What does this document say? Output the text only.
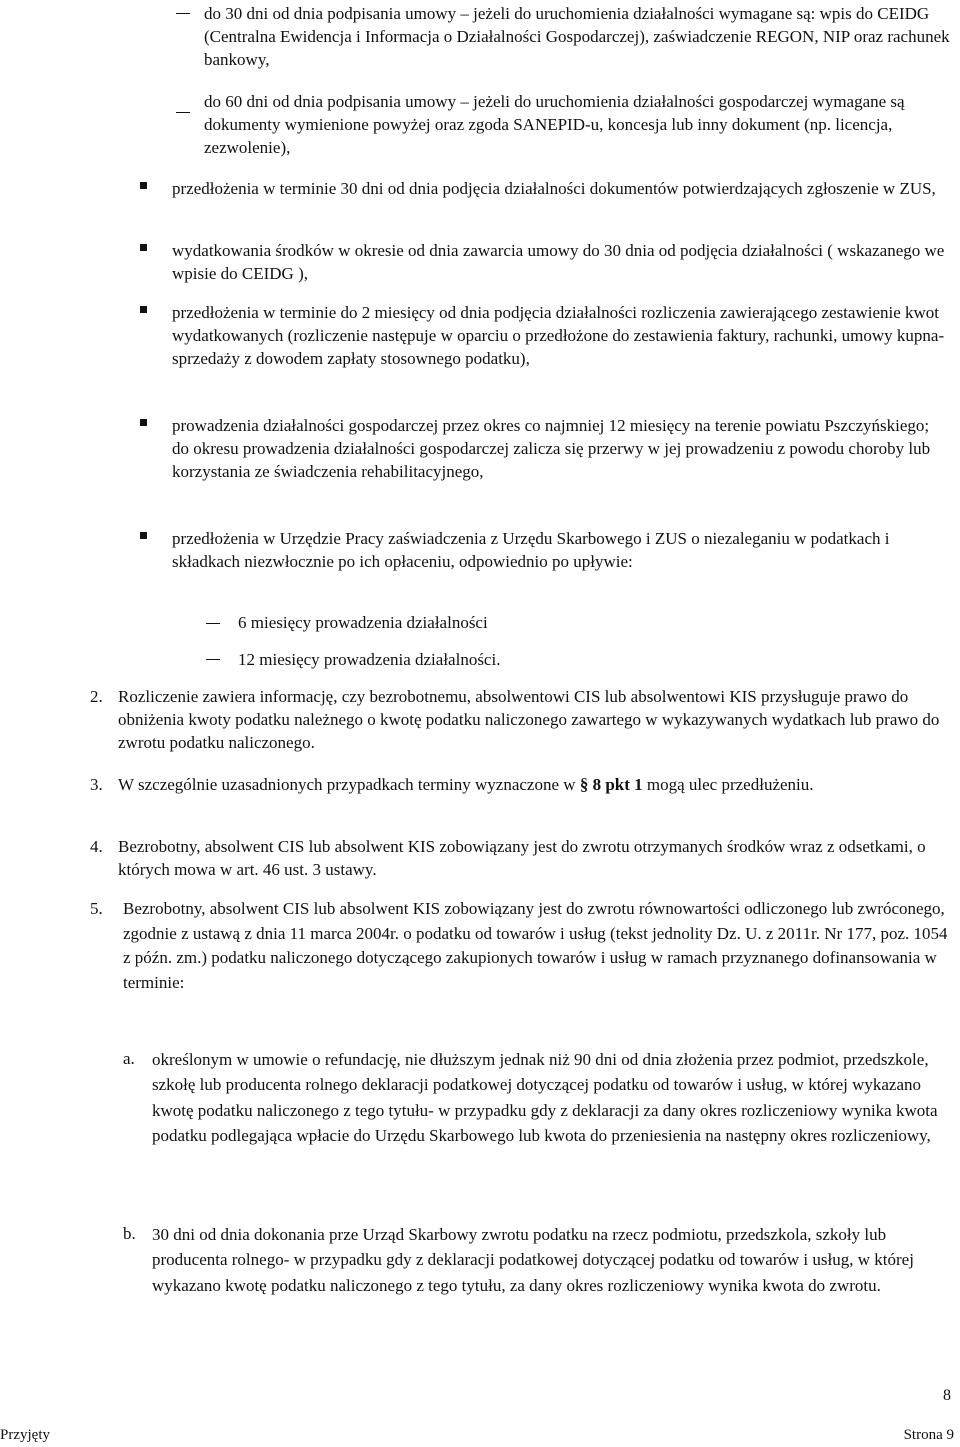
do 30 dni od dnia podpisania umowy – jeżeli do uruchomienia działalności wymagane są: wpis do CEIDG (Centralna Ewidencja i Informacja o Działalności Gospodarczej), zaświadczenie REGON, NIP oraz rachunek bankowy,
do 60 dni od dnia podpisania umowy – jeżeli do uruchomienia działalności gospodarczej wymagane są dokumenty wymienione powyżej oraz zgoda SANEPID-u, koncesja lub inny dokument (np. licencja, zezwolenie),
przedłożenia w terminie 30 dni od dnia podjęcia działalności dokumentów potwierdzających zgłoszenie w ZUS,
wydatkowania środków w okresie od dnia zawarcia umowy do 30 dnia od podjęcia działalności ( wskazanego we wpisie do CEIDG ),
przedłożenia w terminie do 2 miesięcy od dnia podjęcia działalności rozliczenia zawierającego zestawienie kwot wydatkowanych (rozliczenie następuje w oparciu o przedłożone do zestawienia faktury, rachunki, umowy kupna- sprzedaży z dowodem zapłaty stosownego podatku),
prowadzenia działalności gospodarczej przez okres co najmniej 12 miesięcy na terenie powiatu Pszczyńskiego; do okresu prowadzenia działalności gospodarczej zalicza się przerwy w jej prowadzeniu z powodu choroby lub korzystania ze świadczenia rehabilitacyjnego,
przedłożenia w Urzędzie Pracy zaświadczenia z Urzędu Skarbowego i ZUS o niezaleganiu w podatkach i składkach niezwłocznie po ich opłaceniu, odpowiednio po upływie:
6 miesięcy prowadzenia działalności
12 miesięcy prowadzenia działalności.
2. Rozliczenie zawiera informację, czy bezrobotnemu, absolwentowi CIS lub absolwentowi KIS przysługuje prawo do obniżenia kwoty podatku należnego o kwotę podatku naliczonego zawartego w wykazywanych wydatkach lub prawo do zwrotu podatku naliczonego.
3. W szczególnie uzasadnionych przypadkach terminy wyznaczone w § 8 pkt 1 mogą ulec przedłużeniu.
4. Bezrobotny, absolwent CIS lub absolwent KIS zobowiązany jest do zwrotu otrzymanych środków wraz z odsetkami, o których mowa w art. 46 ust. 3 ustawy.
5. Bezrobotny, absolwent CIS lub absolwent KIS zobowiązany jest do zwrotu równowartości odliczonego lub zwróconego, zgodnie z ustawą z dnia 11 marca 2004r. o podatku od towarów i usług (tekst jednolity Dz. U. z 2011r. Nr 177, poz. 1054 z późn. zm.) podatku naliczonego dotyczącego zakupionych towarów i usług w ramach przyznanego dofinansowania w terminie:
a. określonym w umowie o refundację, nie dłuższym jednak niż 90 dni od dnia złożenia przez podmiot, przedszkole, szkołę lub producenta rolnego deklaracji podatkowej dotyczącej podatku od towarów i usług, w której wykazano kwotę podatku naliczonego z tego tytułu- w przypadku gdy z deklaracji za dany okres rozliczeniowy wynika kwota podatku podlegająca wpłacie do Urzędu Skarbowego lub kwota do przeniesienia na następny okres rozliczeniowy,
b. 30 dni od dnia dokonania prze Urząd Skarbowy zwrotu podatku na rzecz podmiotu, przedszkola, szkoły lub producenta rolnego- w przypadku gdy z deklaracji podatkowej dotyczącej podatku od towarów i usług, w której wykazano kwotę podatku naliczonego z tego tytułu, za dany okres rozliczeniowy wynika kwota do zwrotu.
8
Przyjęty	Strona 9
